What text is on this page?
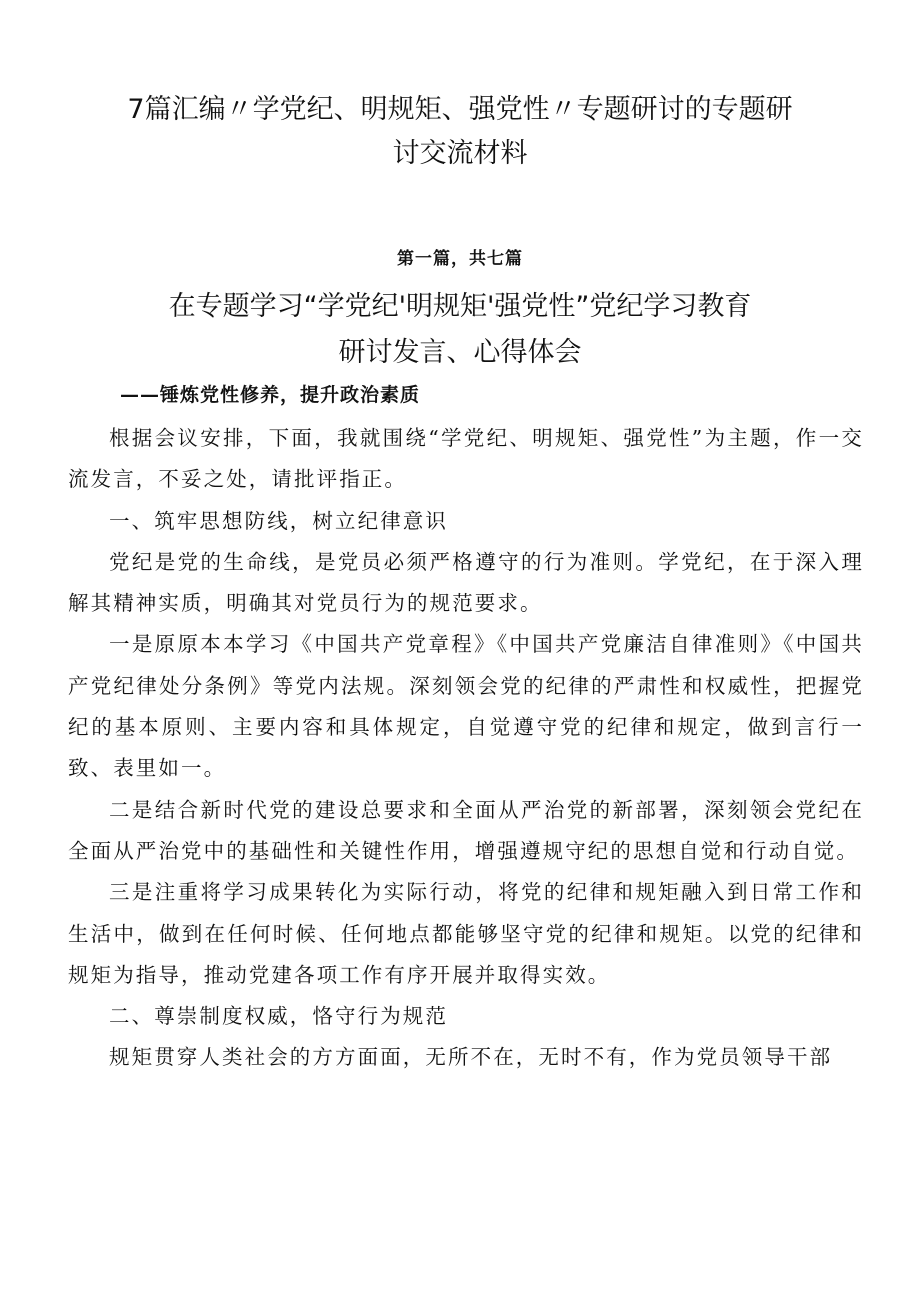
7篇汇编〃学党纪、明规矩、强党性〃专题研讨的专题研
讨交流材料
第一篇，共七篇
在专题学习“学党纪'明规矩'强党性”党纪学习教育
研讨发言、心得体会
——锤炼党性修养，提升政治素质

根据会议安排，下面，我就围绕“学党纪、明规矩、强党性”为主题，作一交流发言，不妥之处，请批评指正。

一、筑牢思想防线，树立纪律意识

党纪是党的生命线，是党员必须严格遵守的行为准则。学党纪，在于深入理解其精神实质，明确其对党员行为的规范要求。

一是原原本本学习《中国共产党章程》《中国共产党廉洁自律准则》《中国共产党纪律处分条例》等党内法规。深刻领会党的纪律的严肃性和权威性，把握党纪的基本原则、主要内容和具体规定，自觉遵守党的纪律和规定，做到言行一致、表里如一。

二是结合新时代党的建设总要求和全面从严治党的新部署，深刻领会党纪在全面从严治党中的基础性和关键性作用，增强遵规守纪的思想自觉和行动自觉。

三是注重将学习成果转化为实际行动，将党的纪律和规矩融入到日常工作和生活中，做到在任何时候、任何地点都能够坚守党的纪律和规矩。以党的纪律和规矩为指导，推动党建各项工作有序开展并取得实效。

二、尊崇制度权威，恪守行为规范

规矩贯穿人类社会的方方面面，无所不在，无时不有，作为党员领导干部
